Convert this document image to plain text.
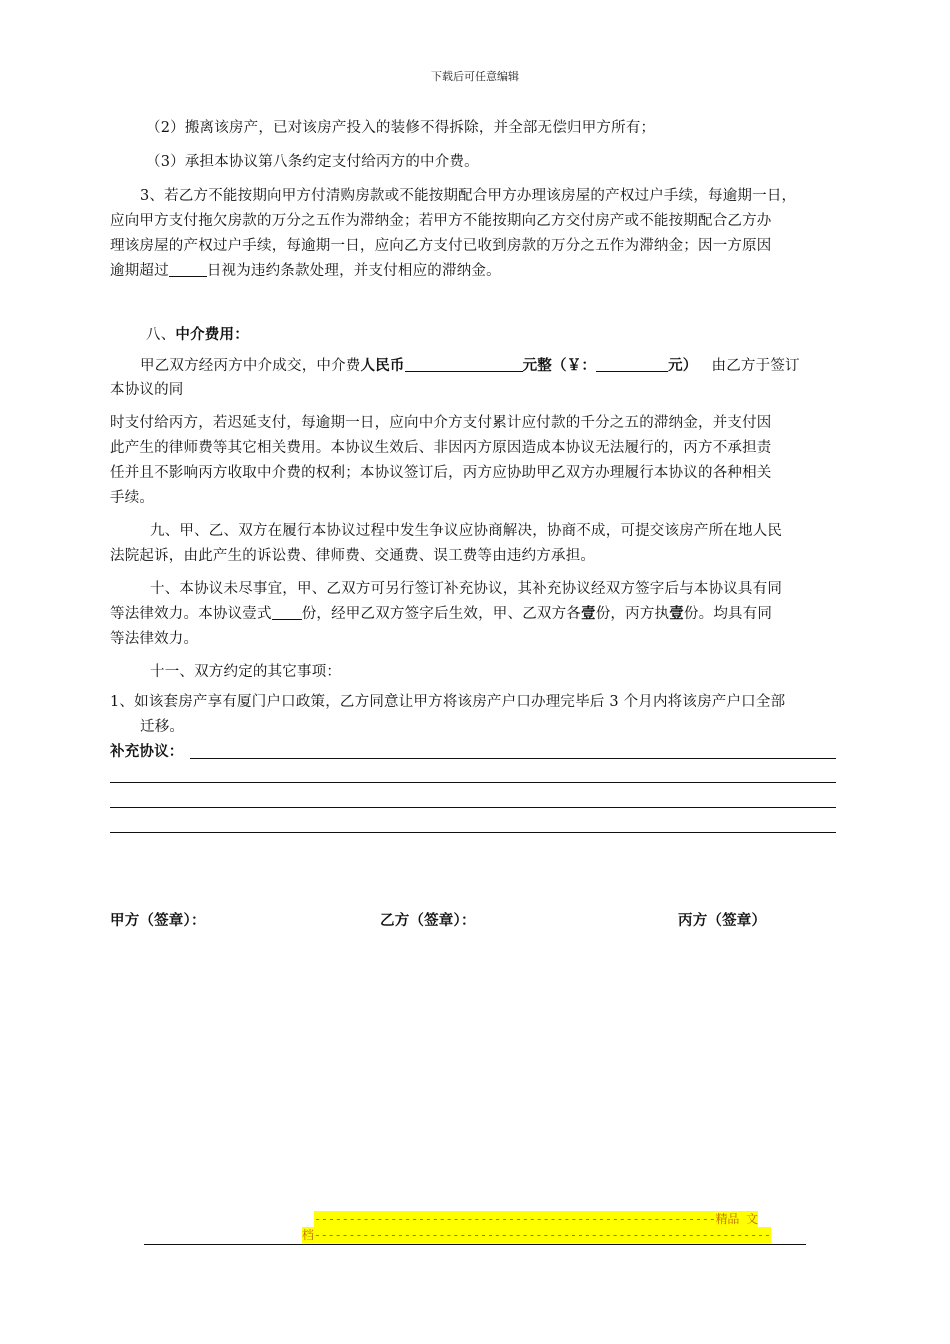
下载后可任意编辑
（2）搬离该房产，已对该房产投入的装修不得拆除，并全部无偿归甲方所有；
（3）承担本协议第八条约定支付给丙方的中介费。
3、若乙方不能按期向甲方付清购房款或不能按期配合甲方办理该房屋的产权过户手续，每逾期一日，
应向甲方支付拖欠房款的万分之五作为滞纳金；若甲方不能按期向乙方交付房产或不能按期配合乙方办
理该房屋的产权过户手续，每逾期一日，应向乙方支付已收到房款的万分之五作为滞纳金；因一方原因
逾期超过	日视为违约条款处理，并支付相应的滞纳金。
八、中介费用：
甲乙双方经丙方中介成交，中介费人民币	元整（￥：	元） 由乙方于签订
本协议的同
时支付给丙方，若迟延支付，每逾期一日，应向中介方支付累计应付款的千分之五的滞纳金，并支付因
此产生的律师费等其它相关费用。本协议生效后、非因丙方原因造成本协议无法履行的，丙方不承担责
任并且不影响丙方收取中介费的权利；本协议签订后，丙方应协助甲乙双方办理履行本协议的各种相关
手续。
九、甲、乙、双方在履行本协议过程中发生争议应协商解决，协商不成，可提交该房产所在地人民
法院起诉，由此产生的诉讼费、律师费、交通费、误工费等由违约方承担。
十、本协议未尽事宜，甲、乙双方可另行签订补充协议，其补充协议经双方签字后与本协议具有同
等法律效力。本协议壹式 份，经甲乙双方签字后生效，甲、乙双方各壹份，丙方执壹份。均具有同
等法律效力。
十一、双方约定的其它事项：
1、如该套房产享有厦门户口政策，乙方同意让甲方将该房产户口办理完毕后 3 个月内将该房产户口全部
迁移。
补充协议：
甲方（签章）：	乙方（签章）：	丙方（签章）
----------------------------------------------------------精品 文
档------------------------------------------------------------------
